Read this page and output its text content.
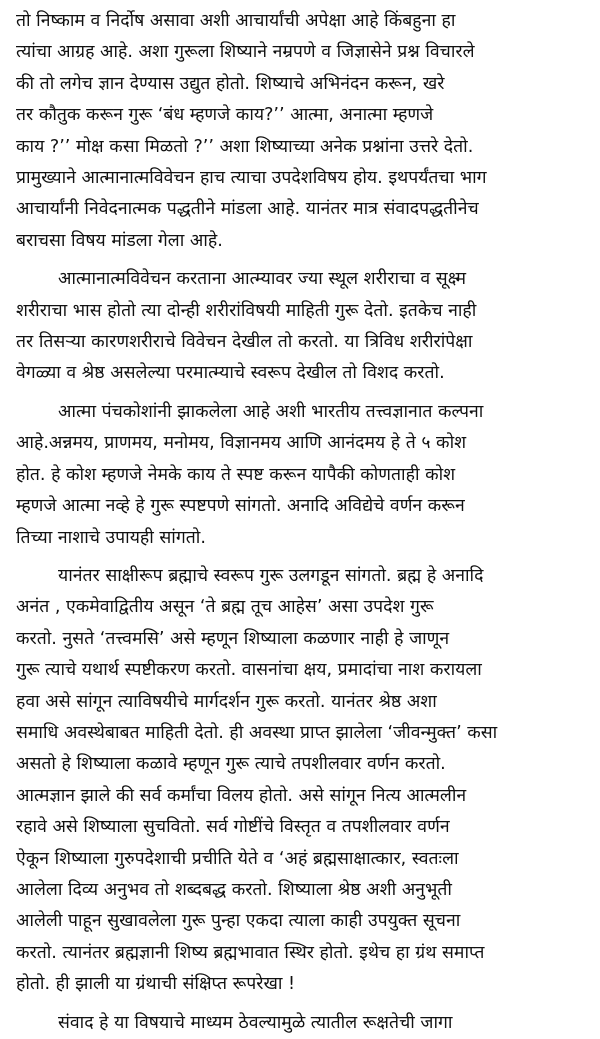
तो निष्काम व निर्दोष असावा अशी आचार्यांची अपेक्षा आहे किंबहुना हा
त्यांचा आग्रह आहे. अशा गुरूला शिष्याने नम्रपणे व जिज्ञासेने प्रश्न विचारले
की तो लगेच ज्ञान देण्यास उद्युत होतो. शिष्याचे अभिनंदन करून, खरे
तर कौतुक करून गुरू ‘बंध म्हणजे काय?’’ आत्मा, अनात्मा म्हणजे
काय ?’’ मोक्ष कसा मिळतो ?’’ अशा शिष्याच्या अनेक प्रश्नांना उत्तरे देतो.
प्रामुख्याने आत्मानात्मविवेचन हाच त्याचा उपदेशविषय होय. इथपर्यंतचा भाग
आचार्यांनी निवेदनात्मक पद्धतीने मांडला आहे. यानंतर मात्र संवादपद्धतीनेच
बराचसा विषय मांडला गेला आहे.
आत्मानात्मविवेचन करताना आत्म्यावर ज्या स्थूल शरीराचा व सूक्ष्म
शरीराचा भास होतो त्या दोन्ही शरीरांविषयी माहिती गुरू देतो. इतकेच नाही
तर तिसऱ्या कारणशरीराचे विवेचन देखील तो करतो. या त्रिविध शरीरांपेक्षा
वेगळ्या व श्रेष्ठ असलेल्या परमात्म्याचे स्वरूप देखील तो विशद करतो.
आत्मा पंचकोशांनी झाकलेला आहे अशी भारतीय तत्त्वज्ञानात कल्पना
आहे.अन्नमय, प्राणमय, मनोमय, विज्ञानमय आणि आनंदमय हे ते ५ कोश
होत. हे कोश म्हणजे नेमके काय ते स्पष्ट करून यापैकी कोणताही कोश
म्हणजे आत्मा नव्हे हे गुरू स्पष्टपणे सांगतो. अनादि अविद्येचे वर्णन करून
तिच्या नाशाचे उपायही सांगतो.
यानंतर साक्षीरूप ब्रह्माचे स्वरूप गुरू उलगडून सांगतो. ब्रह्म हे अनादि
अनंत , एकमेवाद्वितीय असून ‘ते ब्रह्म तूच आहेस’ असा उपदेश गुरू
करतो. नुसते ‘तत्त्वमसि’ असे म्हणून शिष्याला कळणार नाही हे जाणून
गुरू त्याचे यथार्थ स्पष्टीकरण करतो. वासनांचा क्षय, प्रमादांचा नाश करायला
हवा असे सांगून त्याविषयीचे मार्गदर्शन गुरू करतो. यानंतर श्रेष्ठ अशा
समाधि अवस्थेबाबत माहिती देतो. ही अवस्था प्राप्त झालेला ‘जीवन्मुक्त’ कसा
असतो हे शिष्याला कळावे म्हणून गुरू त्याचे तपशीलवार वर्णन करतो.
आत्मज्ञान झाले की सर्व कर्मांचा विलय होतो. असे सांगून नित्य आत्मलीन
रहावे असे शिष्याला सुचवितो. सर्व गोष्टींचे विस्तृत व तपशीलवार वर्णन
ऐकून शिष्याला गुरुपदेशाची प्रचीति येते व ‘अहं ब्रह्मसाक्षात्कार, स्वतःला
आलेला दिव्य अनुभव तो शब्दबद्ध करतो. शिष्याला श्रेष्ठ अशी अनुभूती
आलेली पाहून सुखावलेला गुरू पुन्हा एकदा त्याला काही उपयुक्त सूचना
करतो. त्यानंतर ब्रह्मज्ञानी शिष्य ब्रह्मभावात स्थिर होतो. इथेच हा ग्रंथ समाप्त
होतो. ही झाली या ग्रंथाची संक्षिप्त रूपरेखा !
संवाद हे या विषयाचे माध्यम ठेवल्यामुळे त्यातील रूक्षतेची जागा
